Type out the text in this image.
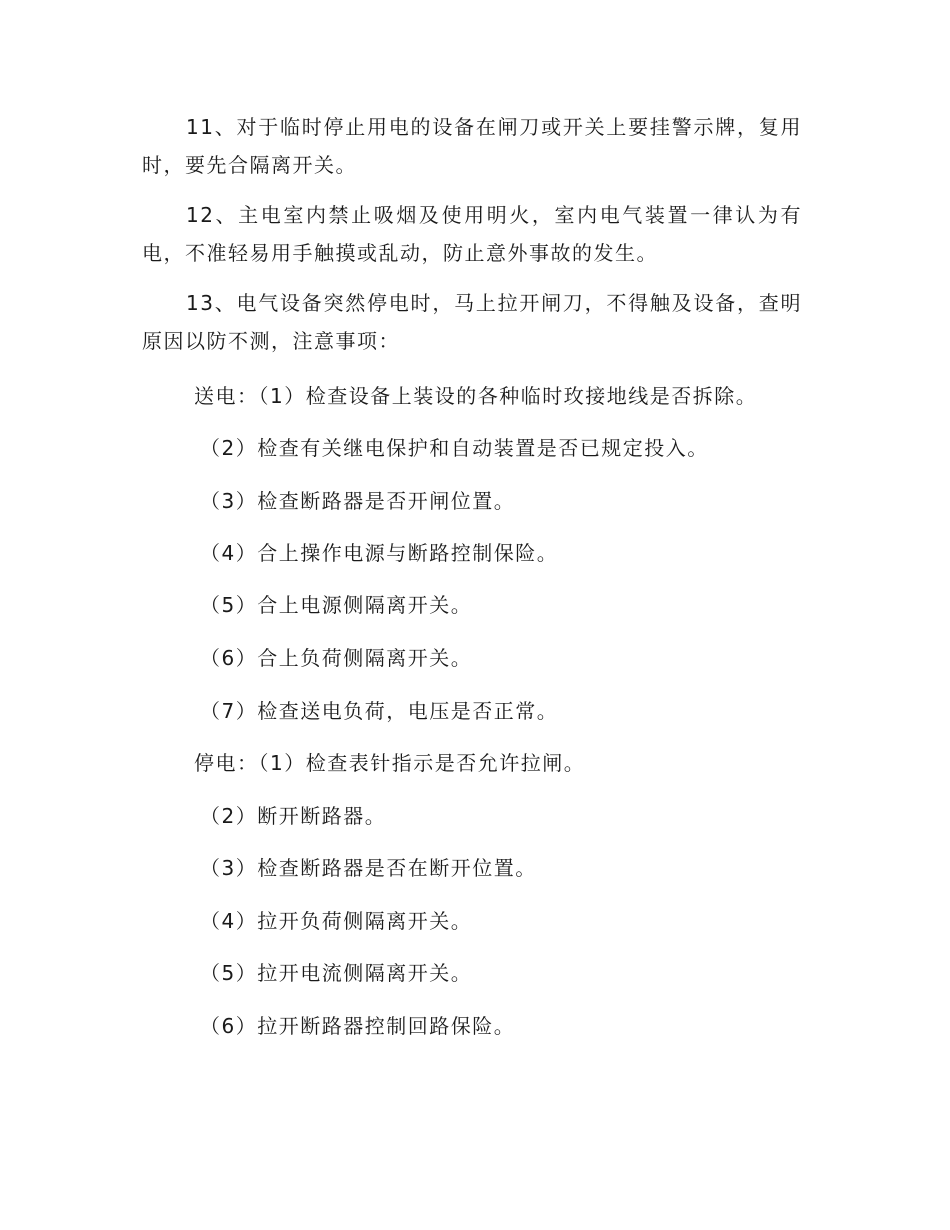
11、对于临时停止用电的设备在闸刀或开关上要挂警示牌，复用时，要先合隔离开关。

12、主电室内禁止吸烟及使用明火，室内电气装置一律认为有电，不准轻易用手触摸或乱动，防止意外事故的发生。

13、电气设备突然停电时，马上拉开闸刀，不得触及设备，查明原因以防不测，注意事项：

送电：（1）检查设备上装设的各种临时玫接地线是否拆除。

（2）检查有关继电保护和自动装置是否已规定投入。

（3）检查断路器是否开闸位置。

（4）合上操作电源与断路控制保险。

（5）合上电源侧隔离开关。

（6）合上负荷侧隔离开关。

（7）检查送电负荷，电压是否正常。

停电：（1）检查表针指示是否允许拉闸。

（2）断开断路器。

（3）检查断路器是否在断开位置。

（4）拉开负荷侧隔离开关。

（5）拉开电流侧隔离开关。

（6）拉开断路器控制回路保险。
